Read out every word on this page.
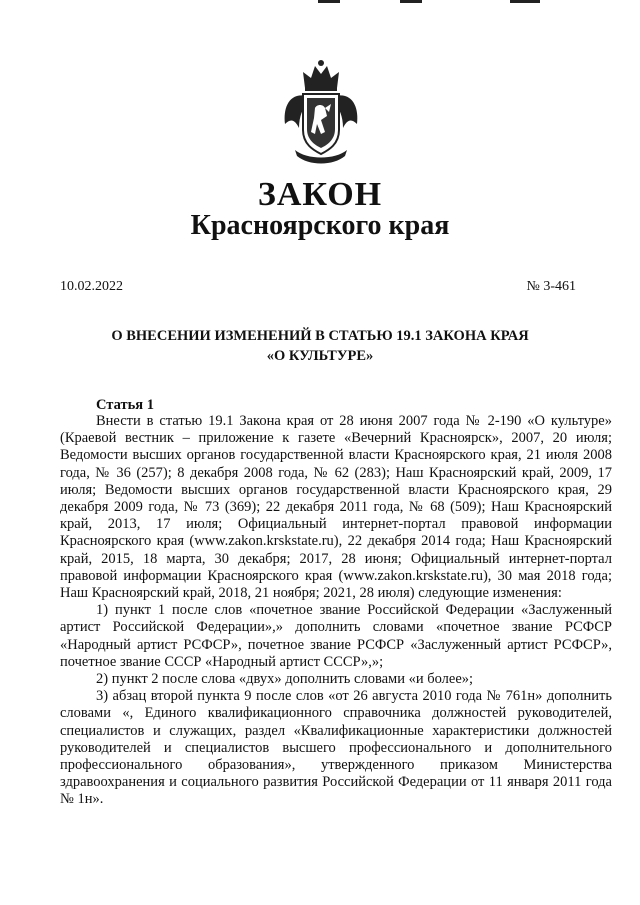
ЗАКОН
Красноярского края
10.02.2022	№ 3-461
О ВНЕСЕНИИ ИЗМЕНЕНИЙ В СТАТЬЮ 19.1 ЗАКОНА КРАЯ
«О КУЛЬТУРЕ»
Статья 1

Внести в статью 19.1 Закона края от 28 июня 2007 года № 2-190 «О культуре» (Краевой вестник – приложение к газете «Вечерний Красноярск», 2007, 20 июля; Ведомости высших органов государственной власти Красноярского края, 21 июля 2008 года, № 36 (257); 8 декабря 2008 года, № 62 (283); Наш Красноярский край, 2009, 17 июля; Ведомости высших органов государственной власти Красноярского края, 29 декабря 2009 года, № 73 (369); 22 декабря 2011 года, № 68 (509); Наш Красноярский край, 2013, 17 июля; Официальный интернет-портал правовой информации Красноярского края (www.zakon.krskstate.ru), 22 декабря 2014 года; Наш Красноярский край, 2015, 18 марта, 30 декабря; 2017, 28 июня; Официальный интернет-портал правовой информации Красноярского края (www.zakon.krskstate.ru), 30 мая 2018 года; Наш Красноярский край, 2018, 21 ноября; 2021, 28 июля) следующие изменения:

1) пункт 1 после слов «почетное звание Российской Федерации «Заслуженный артист Российской Федерации»,» дополнить словами «почетное звание РСФСР «Народный артист РСФСР», почетное звание РСФСР «Заслуженный артист РСФСР», почетное звание СССР «Народный артист СССР»,»;

2) пункт 2 после слова «двух» дополнить словами «и более»;

3) абзац второй пункта 9 после слов «от 26 августа 2010 года № 761н» дополнить словами «, Единого квалификационного справочника должностей руководителей, специалистов и служащих, раздел «Квалификационные характеристики должностей руководителей и специалистов высшего профессионального и дополнительного профессионального образования», утвержденного приказом Министерства здравоохранения и социального развития Российской Федерации от 11 января 2011 года № 1н».
